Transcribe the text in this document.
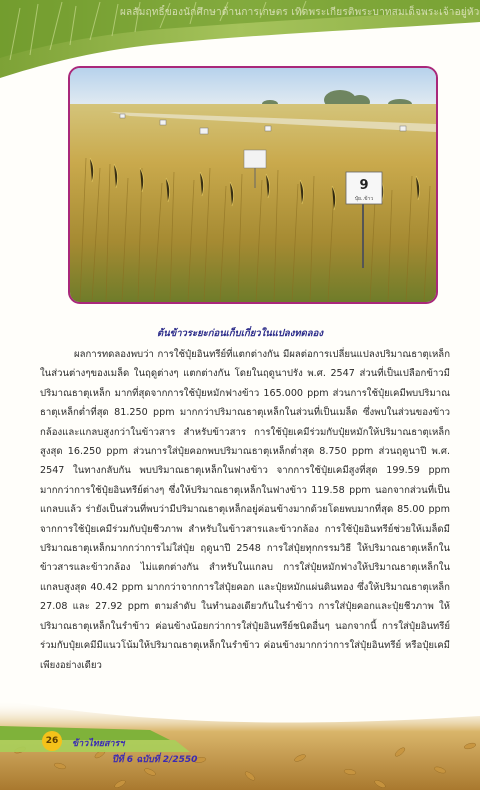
ผลสัมฤทธิ์ของนักศึกษาด้านการเกษตร เทิดพระเกียรติพระบาทสมเด็จพระเจ้าอยู่หัว
9
ปุ๋ย..ข้าว
ต้นข้าวระยะก่อนเก็บเกี่ยวในแปลงทดลอง

ผลการทดลองพบว่า การใช้ปุ๋ยอินทรีย์ที่แตกต่างกัน มีผลต่อการเปลี่ยนแปลงปริมาณธาตุเหล็กในส่วนต่างๆของเมล็ด ในฤดูต่างๆ แตกต่างกัน โดยในฤดูนาปรัง พ.ศ. 2547 ส่วนที่เป็นเปลือกข้าวมีปริมาณธาตุเหล็ก มากที่สุดจากการใช้ปุ๋ยหมักฟางข้าว 165.000 ppm ส่วนการใช้ปุ๋ยเคมีพบปริมาณธาตุเหล็กต่ำที่สุด 81.250 ppm มากกว่าปริมาณธาตุเหล็กในส่วนที่เป็นเมล็ด ซึ่งพบในส่วนของข้าวกล้องและแกลบสูงกว่าในข้าวสาร สำหรับข้าวสาร การใช้ปุ๋ยเคมีร่วมกับปุ๋ยหมักให้ปริมาณธาตุเหล็กสูงสุด 16.250 ppm ส่วนการใส่ปุ๋ยคอกพบปริมาณธาตุเหล็กต่ำสุด 8.750 ppm ส่วนฤดูนาปี พ.ศ. 2547 ในทางกลับกัน พบปริมาณธาตุเหล็กในฟางข้าว จากการใช้ปุ๋ยเคมีสูงที่สุด 199.59 ppm มากกว่าการใช้ปุ๋ยอินทรีย์ต่างๆ ซึ่งให้ปริมาณธาตุเหล็กในฟางข้าว 119.58 ppm นอกจากส่วนที่เป็นแกลบแล้ว ร่ายังเป็นส่วนที่พบว่ามีปริมาณธาตุเหล็กอยู่ค่อนข้างมากด้วยโดยพบมากที่สุด 85.00 ppm จากการใช้ปุ๋ยเคมีร่วมกับปุ๋ยชีวภาพ สำหรับในข้าวสารและข้าวกล้อง การใช้ปุ๋ยอินทรีย์ช่วยให้เมล็ดมีปริมาณธาตุเหล็กมากกว่าการไม่ใส่ปุ๋ย ฤดูนาปี 2548 การใส่ปุ๋ยทุกกรรมวิธี ให้ปริมาณธาตุเหล็กในข้าวสารและข้าวกล้อง ไม่แตกต่างกัน สำหรับในแกลบ การใส่ปุ๋ยหมักฟางให้ปริมาณธาตุเหล็กในแกลบสูงสุด 40.42 ppm มากกว่าจากการใส่ปุ๋ยคอก และปุ๋ยหมักแผ่นดินทอง ซึ่งให้ปริมาณธาตุเหล็ก 27.08 และ 27.92 ppm ตามลำดับ ในทำนองเดียวกันในรำข้าว การใส่ปุ๋ยคอกและปุ๋ยชีวภาพ ให้ปริมาณธาตุเหล็กในรำข้าว ค่อนข้างน้อยกว่าการใส่ปุ๋ยอินทรีย์ชนิดอื่นๆ นอกจากนี้ การใส่ปุ๋ยอินทรีย์ร่วมกับปุ๋ยเคมีมีแนวโน้มให้ปริมาณธาตุเหล็กในรำข้าว ค่อนข้างมากกว่าการใส่ปุ๋ยอินทรีย์ หรือปุ๋ยเคมีเพียงอย่างเดียว

26	ข้าวไทยสารฯ
ปีที่ 6 ฉบับที่ 2/2550
